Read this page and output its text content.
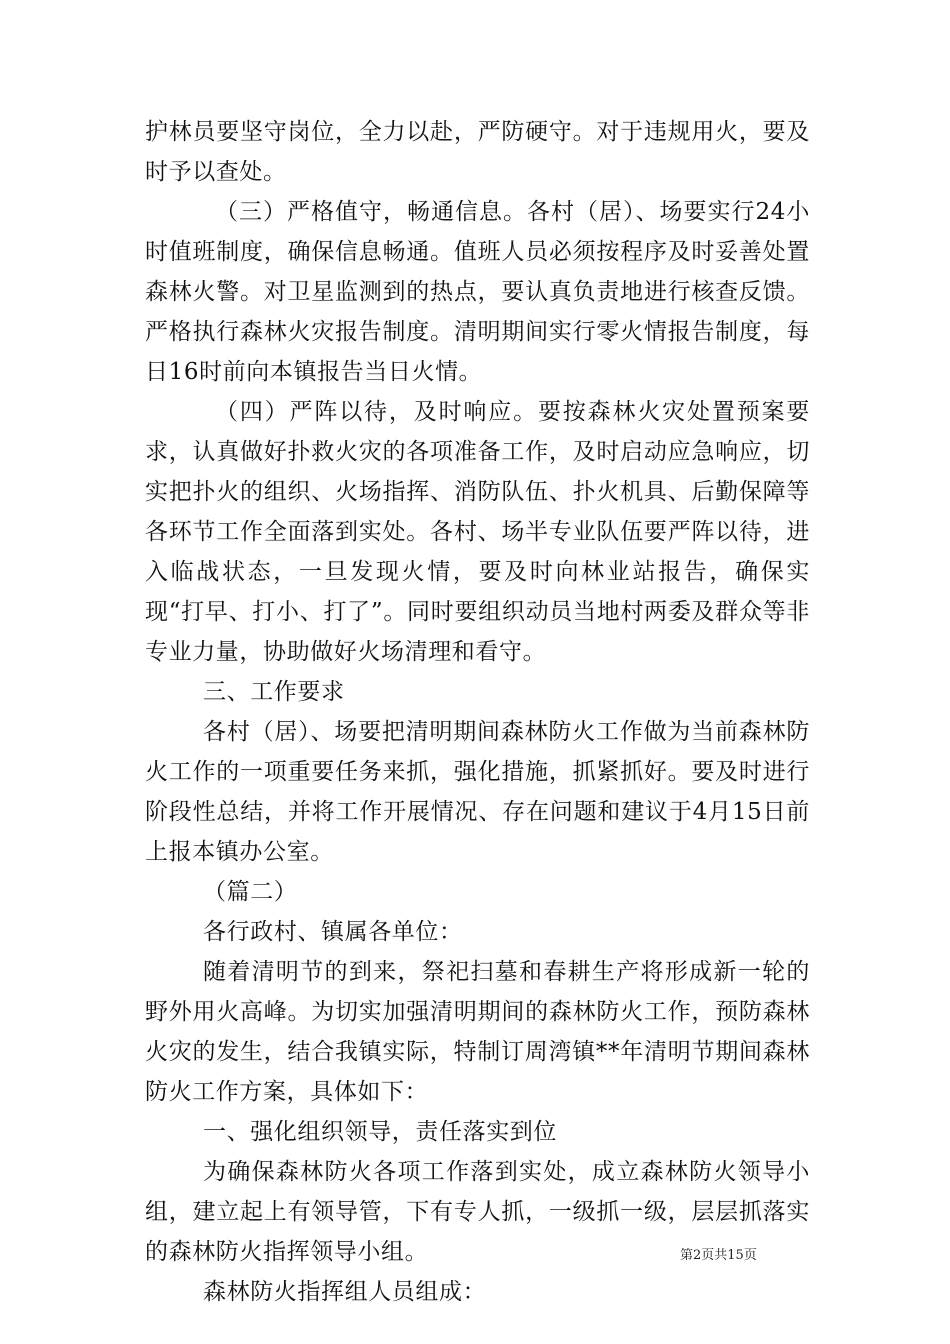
护林员要坚守岗位，全力以赴，严防硬守。对于违规用火，要及时予以查处。

（三）严格值守，畅通信息。各村（居）、场要实行24小时值班制度，确保信息畅通。值班人员必须按程序及时妥善处置森林火警。对卫星监测到的热点，要认真负责地进行核查反馈。严格执行森林火灾报告制度。清明期间实行零火情报告制度，每日16时前向本镇报告当日火情。

（四）严阵以待，及时响应。要按森林火灾处置预案要求，认真做好扑救火灾的各项准备工作，及时启动应急响应，切实把扑火的组织、火场指挥、消防队伍、扑火机具、后勤保障等各环节工作全面落到实处。各村、场半专业队伍要严阵以待，进入临战状态，一旦发现火情，要及时向林业站报告，确保实现“打早、打小、打了”。同时要组织动员当地村两委及群众等非专业力量，协助做好火场清理和看守。

三、工作要求

各村（居）、场要把清明期间森林防火工作做为当前森林防火工作的一项重要任务来抓，强化措施，抓紧抓好。要及时进行阶段性总结，并将工作开展情况、存在问题和建议于4月15日前上报本镇办公室。

（篇二）

各行政村、镇属各单位：

随着清明节的到来，祭祀扫墓和春耕生产将形成新一轮的野外用火高峰。为切实加强清明期间的森林防火工作，预防森林火灾的发生，结合我镇实际，特制订周湾镇**年清明节期间森林防火工作方案，具体如下：

一、强化组织领导，责任落实到位

为确保森林防火各项工作落到实处，成立森林防火领导小组，建立起上有领导管，下有专人抓，一级抓一级，层层抓落实的森林防火指挥领导小组。

森林防火指挥组人员组成：

第2页共15页
